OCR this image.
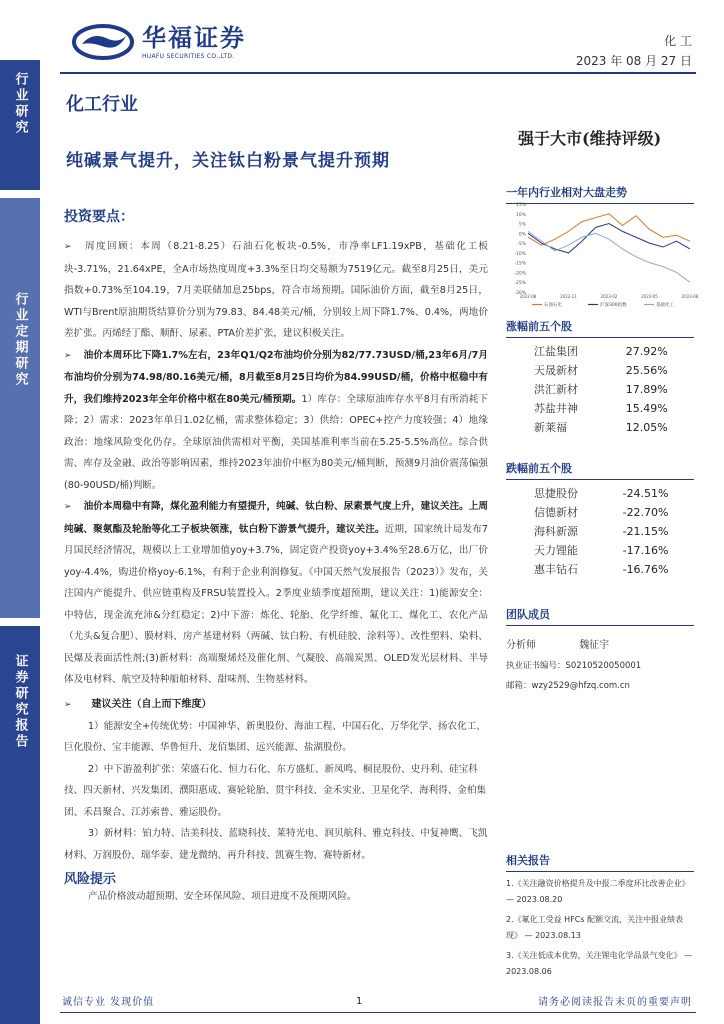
华福证券
HUAFU SECURITIES CO.,LTD.
化 工
2023 年 08 月 27 日
行业研究
行业定期研究
证券研究报告
化工行业
强于大市(维持评级)
纯碱景气提升，关注钛白粉景气提升预期
投资要点：
➢ 周度回顾：本周（8.21-8.25）石油石化板块-0.5%，市净率LF1.19xPB，基础化工板块-3.71%，21.64xPE，全A市场热度周度+3.3%至日均交易额为7519亿元。截至8月25日，美元指数+0.73%至104.19，7月美联储加息25bps，符合市场预期。国际油价方面，截至8月25日，WTI与Brent原油期货结算价分别为79.83、84.48美元/桶，分别较上周下降1.7%、0.4%，两地价差扩张。丙烯经丁酯、顺酐、尿素、PTA价差扩张，建议积极关注。
➢ 油价本周环比下降1.7%左右，23年Q1/Q2布油均价分别为82/77.73USD/桶,23年6月/7月布油均价分别为74.98/80.16美元/桶，8月截至8月25日均价为84.99USD/桶，价格中枢稳中有升，我们维持2023年全年价格中枢在80美元/桶预期。1）库存：全球原油库存水平8月有所消耗下降；2）需求：2023年单日1.02亿桶，需求整体稳定；3）供给：OPEC+控产力度较强；4）地缘政治：地缘风险变化仍存。全球原油供需相对平衡，美国基准利率当前在5.25-5.5%高位。综合供需、库存及金融、政治等影响因素，维持2023年油价中枢为80美元/桶判断，预测9月油价震荡偏强(80-90USD/桶)判断。
➢ 油价本周稳中有降，煤化盈利能力有望提升，纯碱、钛白粉、尿素景气度上升，建议关注。上周纯碱、聚氨酯及轮胎等化工子板块领涨，钛白粉下游景气提升，建议关注。近期，国家统计局发布7月国民经济情况，规模以上工业增加值yoy+3.7%，固定资产投资yoy+3.4%至28.6万亿，出厂价yoy-4.4%，购进价格yoy-6.1%，有利于企业利润修复。《中国天然气发展报告（2023）》发布，关注国内产能提升、供应链重构及FRSU装置投入。2季度业绩季度超预期，建议关注：1)能源安全：中特估，现金流充沛&分红稳定；2)中下游：炼化、轮胎、化学纤维、氟化工、煤化工、农化产品（尤头&复合肥）、膜材料、房产基建材料（两碱、钛白粉、有机硅胶、涂料等）、改性塑料、染料、民爆及表面活性剂;(3)新材料：高端聚烯烃及催化剂、气凝胶、高端炭黑、OLED发光层材料、半导体及电材料、航空及特种船舶材料、甜味剂、生物基材料。
➢ 建议关注（自上而下维度）
1）能源安全+传统优势：中国神华、新奥股份、海油工程、中国石化、万华化学、扬农化工、巨化股份、宝丰能源、华鲁恒升、龙佰集团、远兴能源、盐湖股份。
2）中下游盈利扩张：荣盛石化、恒力石化、东方盛虹、新凤鸣、桐昆股份、史丹利、硅宝科技、四天新材、兴发集团、濮阳惠成、赛轮轮胎、贯宇科技、金禾实业、卫星化学、海利得、金柏集团、禾昌聚合、江苏索普、雅运股份。
3）新材料：铂力特、洁美科技、蓝晓科技、莱特光电、润贝航科、雅克科技、中复神鹰、飞凯材料、万润股份、瑞华泰、建龙微纳、再升科技、凯赛生物、赛特新材。
风险提示
产品价格波动超预期、安全环保风险、项目进度不及预期风险。
一年内行业相对大盘走势
15%
10%
5%
0%
-5%
-10%
-15%
-20%
-25%
-30%
2022-08	2022-11	2023-02	2023-05	2023-08
石油石化	沪深300指数	基础化工
涨幅前五个股
江盐集团	27.92%
天晟新材	25.56%
洪汇新材	17.89%
苏盐井神	15.49%
新莱福	12.05%
跌幅前五个股
思捷股份	-24.51%
信德新材	-22.70%
海科新源	-21.15%
天力锂能	-17.16%
惠丰钻石	-16.76%
团队成员
分析师	魏征宇
执业证书编号：S0210520050001
邮箱：wzy2529@hfzq.com.cn
相关报告
1.《关注融资价格提升及中报二季度环比改善企业》 — 2023.08.20
2.《氟化工受益 HFCs 配额交流，关注中报业绩表现》 — 2023.08.13
3.《关注低成本优势，关注锂电化学品景气变化》 — 2023.08.06
诚信专业 发现价值	1	请务必阅读报告末页的重要声明
